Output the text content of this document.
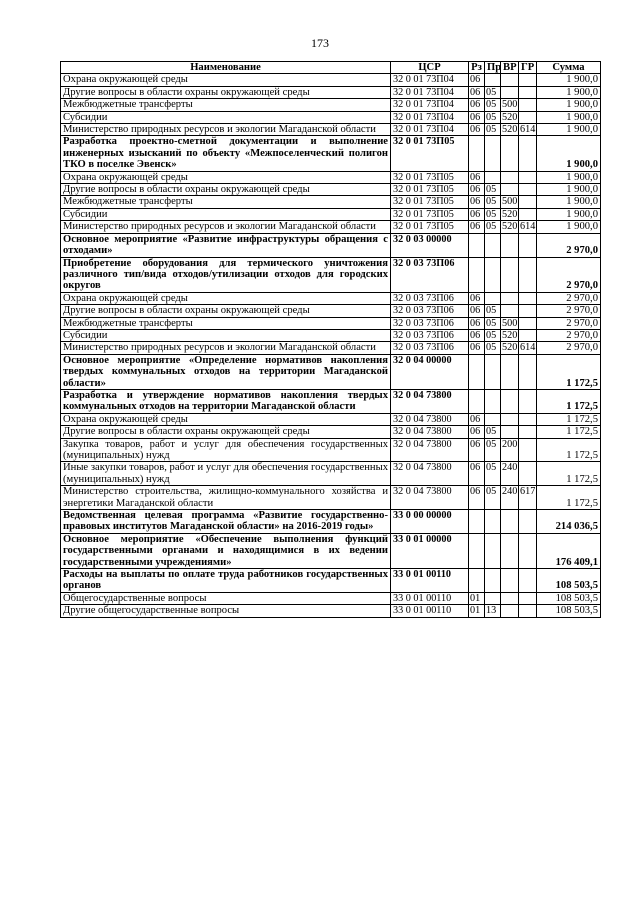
173
Наименование	ЦСР	Рз	Пр	ВР	ГР	Сумма
Охрана окружающей среды	32 0 01 73П04	06				1 900,0
Другие вопросы в области охраны окружающей среды	32 0 01 73П04	06	05			1 900,0
Межбюджетные трансферты	32 0 01 73П04	06	05	500		1 900,0
Субсидии	32 0 01 73П04	06	05	520		1 900,0
Министерство природных ресурсов и экологии Магаданской области	32 0 01 73П04	06	05	520	614	1 900,0
Разработка проектно-сметной документации и выполнение инженерных изысканий по объекту «Межпоселенческий полигон ТКО в поселке Эвенск»	32 0 01 73П05					1 900,0
Охрана окружающей среды	32 0 01 73П05	06				1 900,0
Другие вопросы в области охраны окружающей среды	32 0 01 73П05	06	05			1 900,0
Межбюджетные трансферты	32 0 01 73П05	06	05	500		1 900,0
Субсидии	32 0 01 73П05	06	05	520		1 900,0
Министерство природных ресурсов и экологии Магаданской области	32 0 01 73П05	06	05	520	614	1 900,0
Основное мероприятие «Развитие инфраструктуры обращения с отходами»	32 0 03 00000					2 970,0
Приобретение оборудования для термического уничтожения различного тип/вида отходов/утилизации отходов для городских округов	32 0 03 73П06					2 970,0
Охрана окружающей среды	32 0 03 73П06	06				2 970,0
Другие вопросы в области охраны окружающей среды	32 0 03 73П06	06	05			2 970,0
Межбюджетные трансферты	32 0 03 73П06	06	05	500		2 970,0
Субсидии	32 0 03 73П06	06	05	520		2 970,0
Министерство природных ресурсов и экологии Магаданской области	32 0 03 73П06	06	05	520	614	2 970,0
Основное мероприятие «Определение нормативов накопления твердых коммунальных отходов на территории Магаданской области»	32 0 04 00000					1 172,5
Разработка и утверждение нормативов накопления твердых коммунальных отходов на территории Магаданской области	32 0 04 73800					1 172,5
Охрана окружающей среды	32 0 04 73800	06				1 172,5
Другие вопросы в области охраны окружающей среды	32 0 04 73800	06	05			1 172,5
Закупка товаров, работ и услуг для обеспечения государственных (муниципальных) нужд	32 0 04 73800	06	05	200		1 172,5
Иные закупки товаров, работ и услуг для обеспечения государственных (муниципальных) нужд	32 0 04 73800	06	05	240		1 172,5
Министерство строительства, жилищно-коммунального хозяйства и энергетики Магаданской области	32 0 04 73800	06	05	240	617	1 172,5
Ведомственная целевая программа «Развитие государственно-правовых институтов Магаданской области» на 2016-2019 годы»	33 0 00 00000					214 036,5
Основное мероприятие «Обеспечение выполнения функций государственными органами и находящимися в их ведении государственными учреждениями»	33 0 01 00000					176 409,1
Расходы на выплаты по оплате труда работников государственных органов	33 0 01 00110					108 503,5
Общегосударственные вопросы	33 0 01 00110	01				108 503,5
Другие общегосударственные вопросы	33 0 01 00110	01	13			108 503,5
